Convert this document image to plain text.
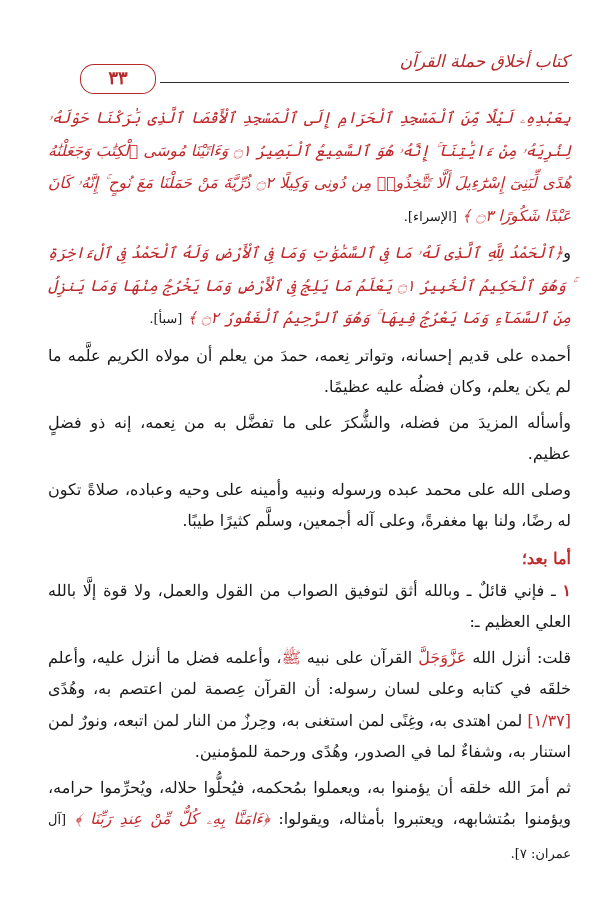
كتاب أخلاق حملة القرآن
٣٣

بِعَبْدِهِۦ لَيْلًا مِّنَ ٱلْمَسْجِدِ ٱلْحَرَامِ إِلَى ٱلْمَسْجِدِ ٱلْأَقْصَا ٱلَّذِى بَٰرَكْنَا حَوْلَهُۥ لِنُرِيَهُۥ مِنْ ءَايَٰتِنَآ ۚ إِنَّهُۥ هُوَ ٱلسَّمِيعُ ٱلْبَصِيرُ ۝١ وَءَاتَيْنَا مُوسَى ٱلْكِتَٰبَ وَجَعَلْنَٰهُ هُدًى لِّبَنِىٓ إِسْرَٰٓءِيلَ أَلَّا تَتَّخِذُوا۟ مِن دُونِى وَكِيلًا ۝٢ ذُرِّيَّةَ مَنْ حَمَلْنَا مَعَ نُوحٍ ۚ إِنَّهُۥ كَانَ عَبْدًا شَكُورًا ۝٣ ﴾ [الإسراء].

و﴿ٱلْحَمْدُ لِلَّهِ ٱلَّذِى لَهُۥ مَا فِى ٱلسَّمَٰوَٰتِ وَمَا فِى ٱلْأَرْضِ وَلَهُ ٱلْحَمْدُ فِى ٱلْءَاخِرَةِ ۚ وَهُوَ ٱلْحَكِيمُ ٱلْخَبِيرُ ۝١ يَعْلَمُ مَا يَلِجُ فِى ٱلْأَرْضِ وَمَا يَخْرُجُ مِنْهَا وَمَا يَنزِلُ مِنَ ٱلسَّمَآءِ وَمَا يَعْرُجُ فِيهَا ۚ وَهُوَ ٱلرَّحِيمُ ٱلْغَفُورُ ۝٢ ﴾ [سبأ].

أحمده على قديم إحسانه، وتواتر نِعمه، حمدَ من يعلم أن مولاه الكريم علَّمه ما لم يكن يعلم، وكان فضلُه عليه عظيمًا.

وأسأله المزيدَ من فضله، والشُّكرَ على ما تفضَّل به من نِعمه، إنه ذو فضلٍ عظيم.

وصلى الله على محمد عبده ورسوله ونبيه وأمينه على وحيه وعباده، صلاةً تكون له رضًا، ولنا بها مغفرةً، وعلى آله أجمعين، وسلَّم كثيرًا طيبًا.

أما بعد؛

١ ـ فإني قائلٌ ـ وبالله أثق لتوفيق الصواب من القول والعمل، ولا قوة إلَّا بالله العلي العظيم ـ:

قلت: أنزل الله عَزَّوَجَلَّ القرآن على نبيه ﷺ، وأعلمه فضل ما أنزل عليه، وأعلم خلقَه في كتابه وعلى لسان رسوله: أن القرآن عِصمة لمن اعتصم به، وهُدًى [١/٣٧] لمن اهتدى به، وغِنًى لمن استغنى به، وحِرزٌ من النار لمن اتبعه، ونورٌ لمن استنار به، وشفاءٌ لما في الصدور، وهُدًى ورحمة للمؤمنين.

ثم أمرَ الله خلقه أن يؤمنوا به، ويعملوا بمُحكمه، فيُحلُّوا حلاله، ويُحرِّموا حرامه، ويؤمنوا بمُتشابهه، ويعتبروا بأمثاله، ويقولوا: ﴿ءَامَنَّا بِهِۦ كُلٌّ مِّنْ عِندِ رَبِّنَا ﴾ [آل عمران: ٧].
